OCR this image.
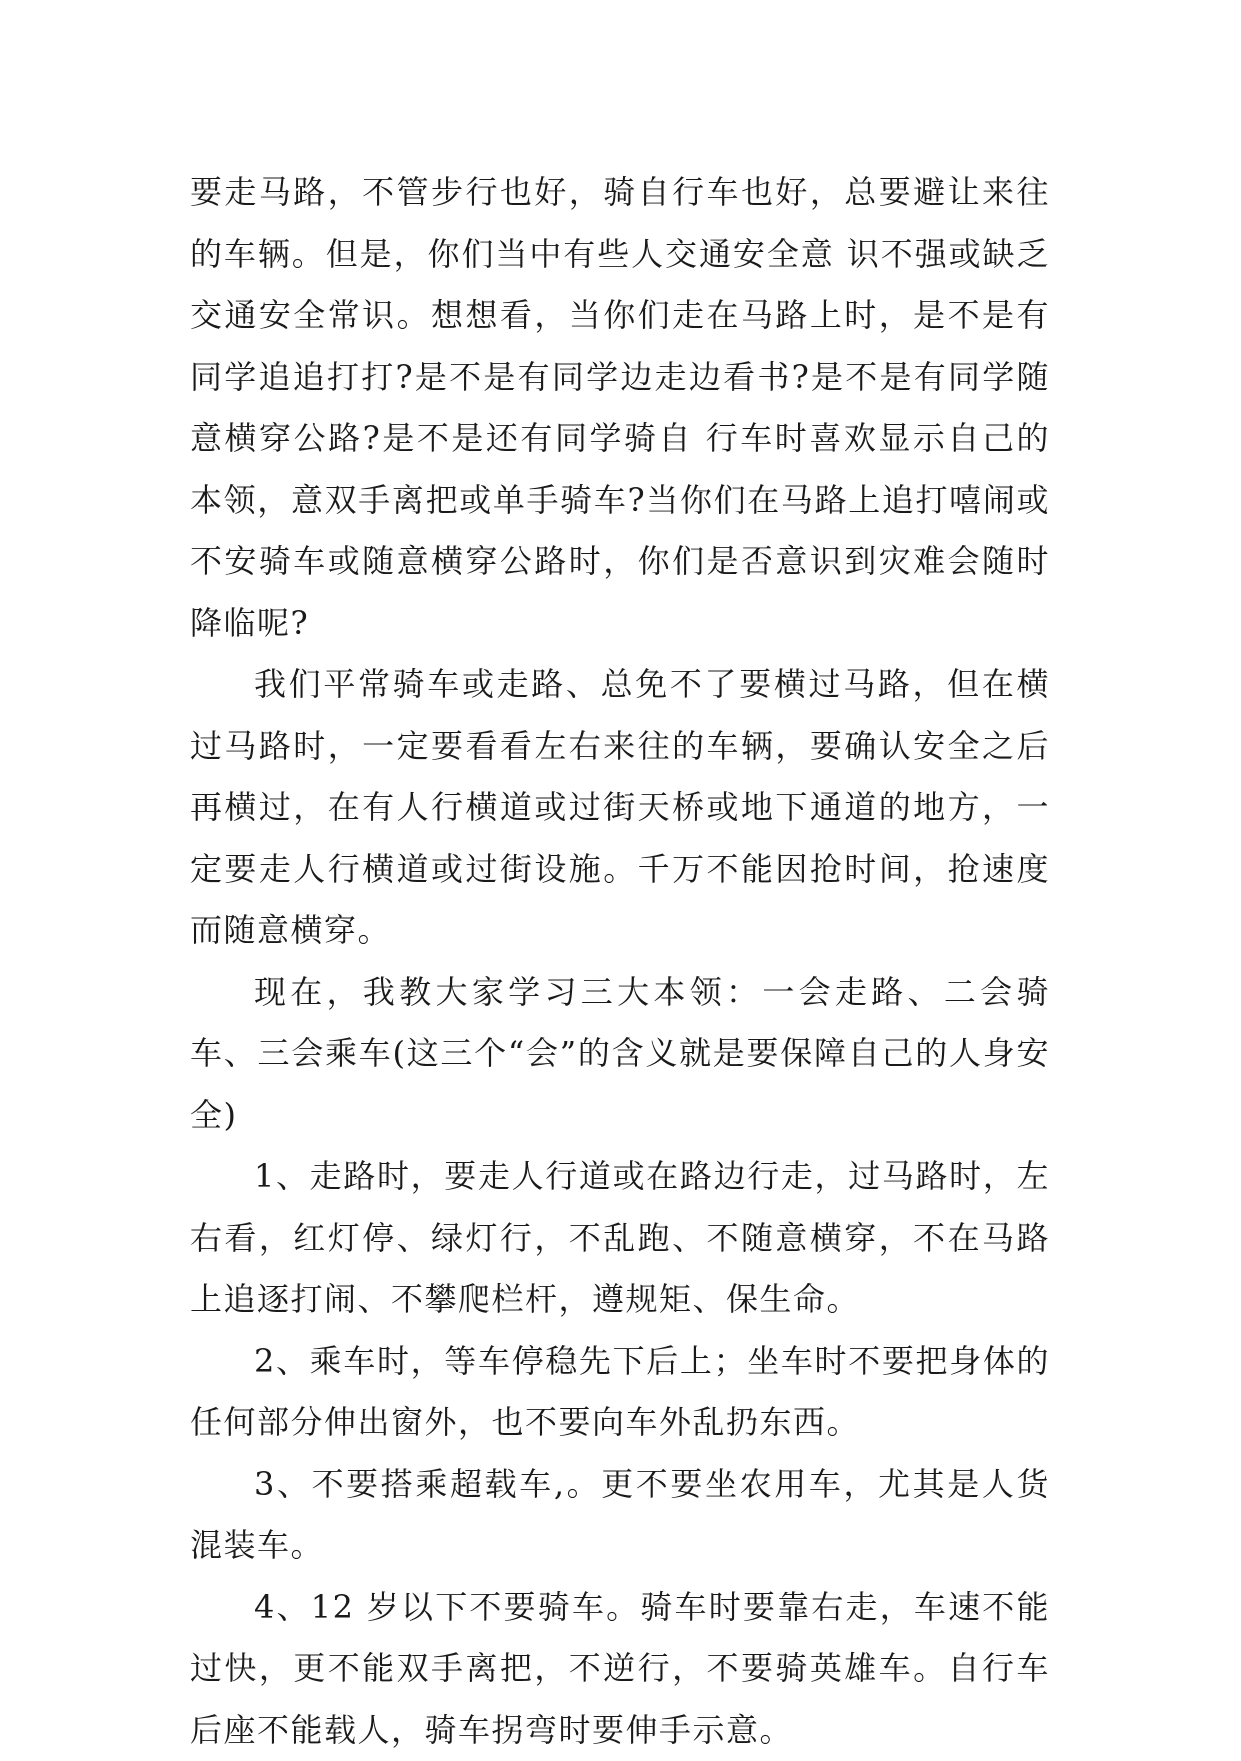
要走马路，不管步行也好，骑自行车也好，总要避让来往的车辆。但是，你们当中有些人交通安全意 识不强或缺乏交通安全常识。想想看，当你们走在马路上时，是不是有同学追追打打?是不是有同学边走边看书?是不是有同学随意横穿公路?是不是还有同学骑自 行车时喜欢显示自己的本领，意双手离把或单手骑车?当你们在马路上追打嘻闹或不安骑车或随意横穿公路时，你们是否意识到灾难会随时降临呢?

我们平常骑车或走路、总免不了要横过马路，但在横过马路时，一定要看看左右来往的车辆，要确认安全之后再横过，在有人行横道或过街天桥或地下通道的地方，一定要走人行横道或过街设施。千万不能因抢时间，抢速度而随意横穿。

现在，我教大家学习三大本领：一会走路、二会骑车、三会乘车(这三个“会”的含义就是要保障自己的人身安全)

1、走路时，要走人行道或在路边行走，过马路时，左右看，红灯停、绿灯行，不乱跑、不随意横穿，不在马路上追逐打闹、不攀爬栏杆，遵规矩、保生命。

2、乘车时，等车停稳先下后上；坐车时不要把身体的任何部分伸出窗外，也不要向车外乱扔东西。

3、不要搭乘超载车,。更不要坐农用车，尤其是人货混装车。

4、12 岁以下不要骑车。骑车时要靠右走，车速不能过快，更不能双手离把，不逆行，不要骑英雄车。自行车后座不能载人，骑车拐弯时要伸手示意。
